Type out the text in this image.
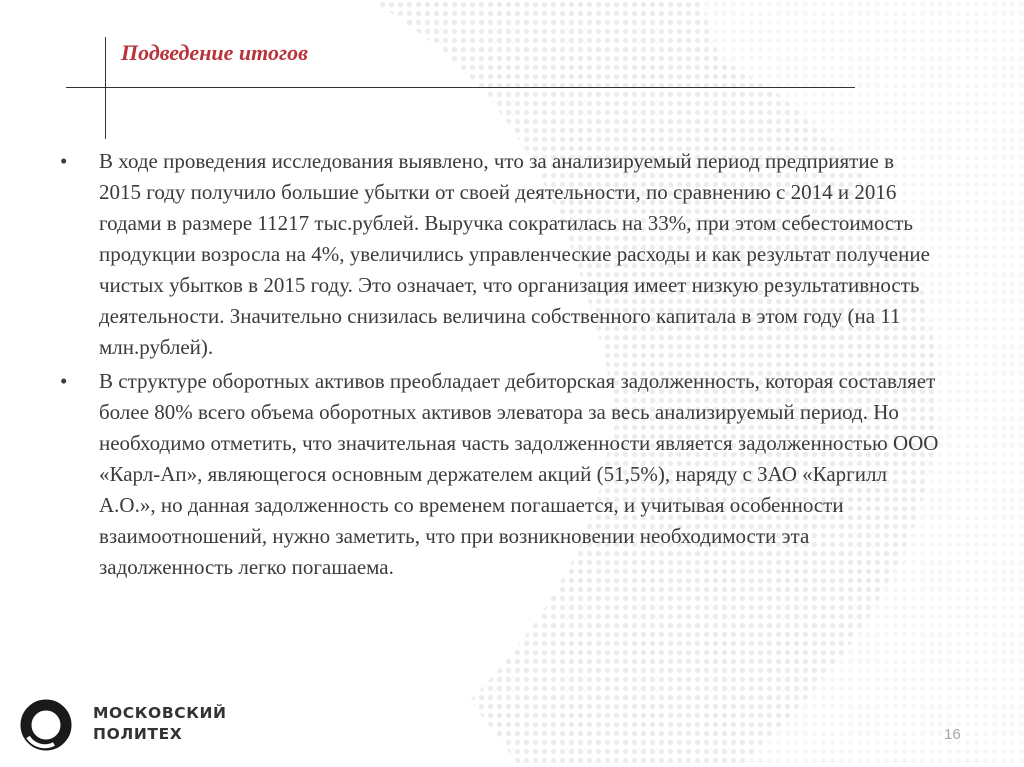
Подведение итогов
•	В ходе проведения исследования выявлено, что за анализируемый период предприятие в 2015 году получило большие убытки от своей деятельности, по сравнению с 2014 и 2016 годами в размере 11217 тыс.рублей. Выручка сократилась на 33%, при этом себестоимость продукции возросла на 4%, увеличились управленческие расходы и как результат получение чистых убытков в 2015 году. Это означает, что организация имеет низкую результативность деятельности. Значительно снизилась величина собственного капитала в этом году (на 11 млн.рублей).
•	В структуре оборотных активов преобладает дебиторская задолженность, которая составляет более 80% всего объема оборотных активов элеватора за весь анализируемый период. Но необходимо отметить, что значительная часть задолженности является задолженностью ООО «Карл-Ап», являющегося основным держателем акций (51,5%), наряду с ЗАО «Каргилл А.О.», но данная задолженность со временем погашается, и учитывая особенности взаимоотношений, нужно заметить, что при возникновении необходимости эта задолженность легко погашаема.
МОСКОВСКИЙ
ПОЛИТЕХ	16
